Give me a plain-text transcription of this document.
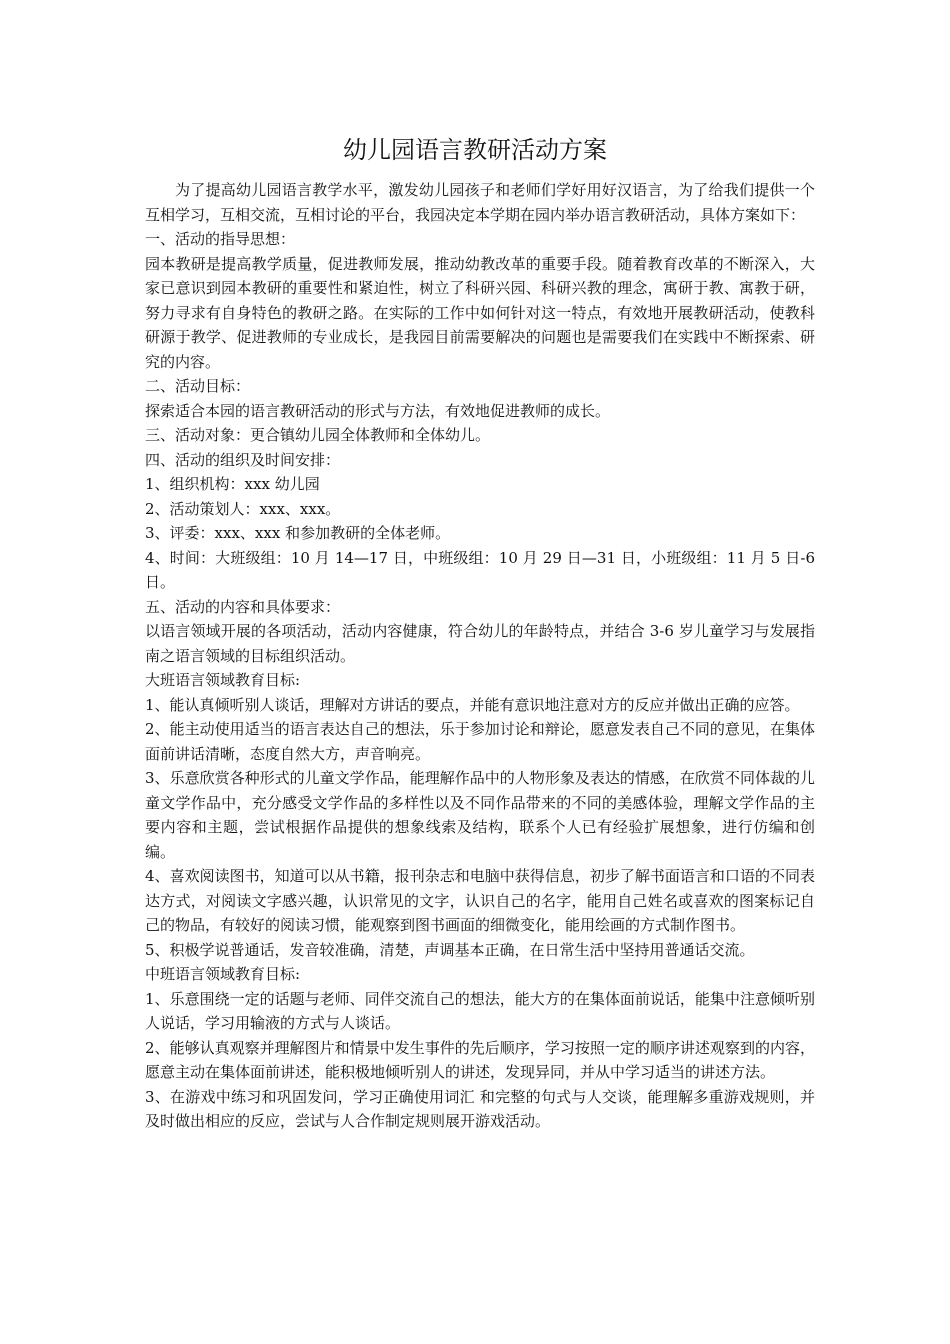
幼儿园语言教研活动方案

为了提高幼儿园语言教学水平，激发幼儿园孩子和老师们学好用好汉语言，为了给我们提供一个互相学习，互相交流，互相讨论的平台，我园决定本学期在园内举办语言教研活动，具体方案如下：

一、活动的指导思想：

园本教研是提高教学质量，促进教师发展，推动幼教改革的重要手段。随着教育改革的不断深入，大家已意识到园本教研的重要性和紧迫性，树立了科研兴园、科研兴教的理念，寓研于教、寓教于研，努力寻求有自身特色的教研之路。在实际的工作中如何针对这一特点，有效地开展教研活动，使教科研源于教学、促进教师的专业成长，是我园目前需要解决的问题也是需要我们在实践中不断探索、研究的内容。

二、活动目标：

探索适合本园的语言教研活动的形式与方法，有效地促进教师的成长。

三、活动对象：更合镇幼儿园全体教师和全体幼儿。

四、活动的组织及时间安排：

1、组织机构：xxx 幼儿园

2、活动策划人：xxx、xxx。

3、评委：xxx、xxx 和参加教研的全体老师。

4、时间：大班级组：10 月 14—17 日，中班级组：10 月 29 日—31 日，小班级组：11 月 5 日-6 日。

五、活动的内容和具体要求：

以语言领域开展的各项活动，活动内容健康，符合幼儿的年龄特点，并结合 3-6 岁儿童学习与发展指南之语言领域的目标组织活动。

大班语言领域教育目标:

1、能认真倾听别人谈话，理解对方讲话的要点，并能有意识地注意对方的反应并做出正确的应答。

2、能主动使用适当的语言表达自己的想法，乐于参加讨论和辩论，愿意发表自己不同的意见，在集体面前讲话清晰，态度自然大方，声音响亮。

3、乐意欣赏各种形式的儿童文学作品，能理解作品中的人物形象及表达的情感，在欣赏不同体裁的儿童文学作品中，充分感受文学作品的多样性以及不同作品带来的不同的美感体验，理解文学作品的主要内容和主题，尝试根据作品提供的想象线索及结构，联系个人已有经验扩展想象，进行仿编和创编。

4、喜欢阅读图书，知道可以从书籍，报刊杂志和电脑中获得信息，初步了解书面语言和口语的不同表达方式，对阅读文字感兴趣，认识常见的文字，认识自己的名字，能用自己姓名或喜欢的图案标记自己的物品，有较好的阅读习惯，能观察到图书画面的细微变化，能用绘画的方式制作图书。

5、积极学说普通话，发音较准确，清楚，声调基本正确，在日常生活中坚持用普通话交流。

中班语言领域教育目标:

1、乐意围绕一定的话题与老师、同伴交流自己的想法，能大方的在集体面前说话，能集中注意倾听别人说话，学习用输液的方式与人谈话。

2、能够认真观察并理解图片和情景中发生事件的先后顺序，学习按照一定的顺序讲述观察到的内容，愿意主动在集体面前讲述，能积极地倾听别人的讲述，发现异同，并从中学习适当的讲述方法。

3、在游戏中练习和巩固发问，学习正确使用词汇 和完整的句式与人交谈，能理解多重游戏规则，并及时做出相应的反应，尝试与人合作制定规则展开游戏活动。
